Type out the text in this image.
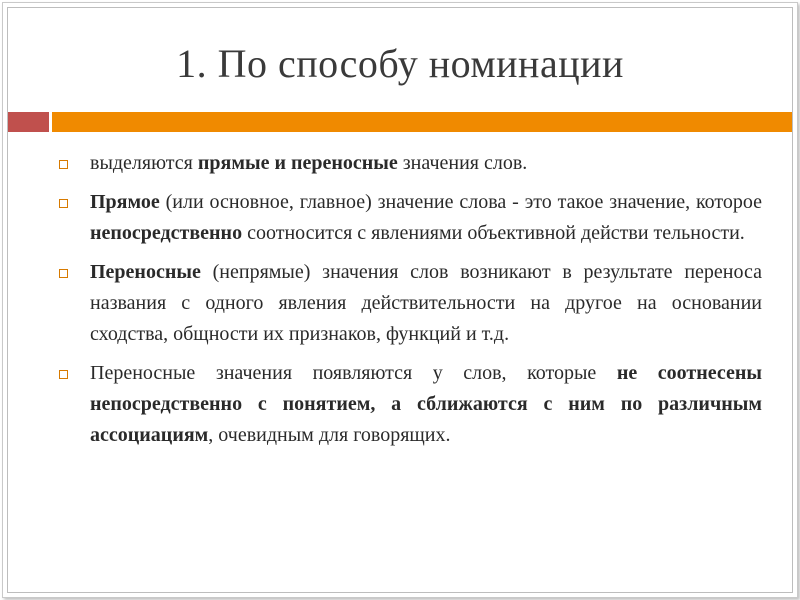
1. По способу номинации
выделяются прямые и переносные значения слов.
Прямое (или основное, главное) значение слова - это такое значение, которое непосредственно соотносится с явлениями объективной действи тельности.
Переносные (непрямые) значения слов возникают в результате переноса названия с одного явления действительности на другое на основании сходства, общности их признаков, функций и т.д.
Переносные значения появляются у слов, которые не соотнесены непосредственно с понятием, а сближаются с ним по различным ассоциациям, очевидным для говорящих.
